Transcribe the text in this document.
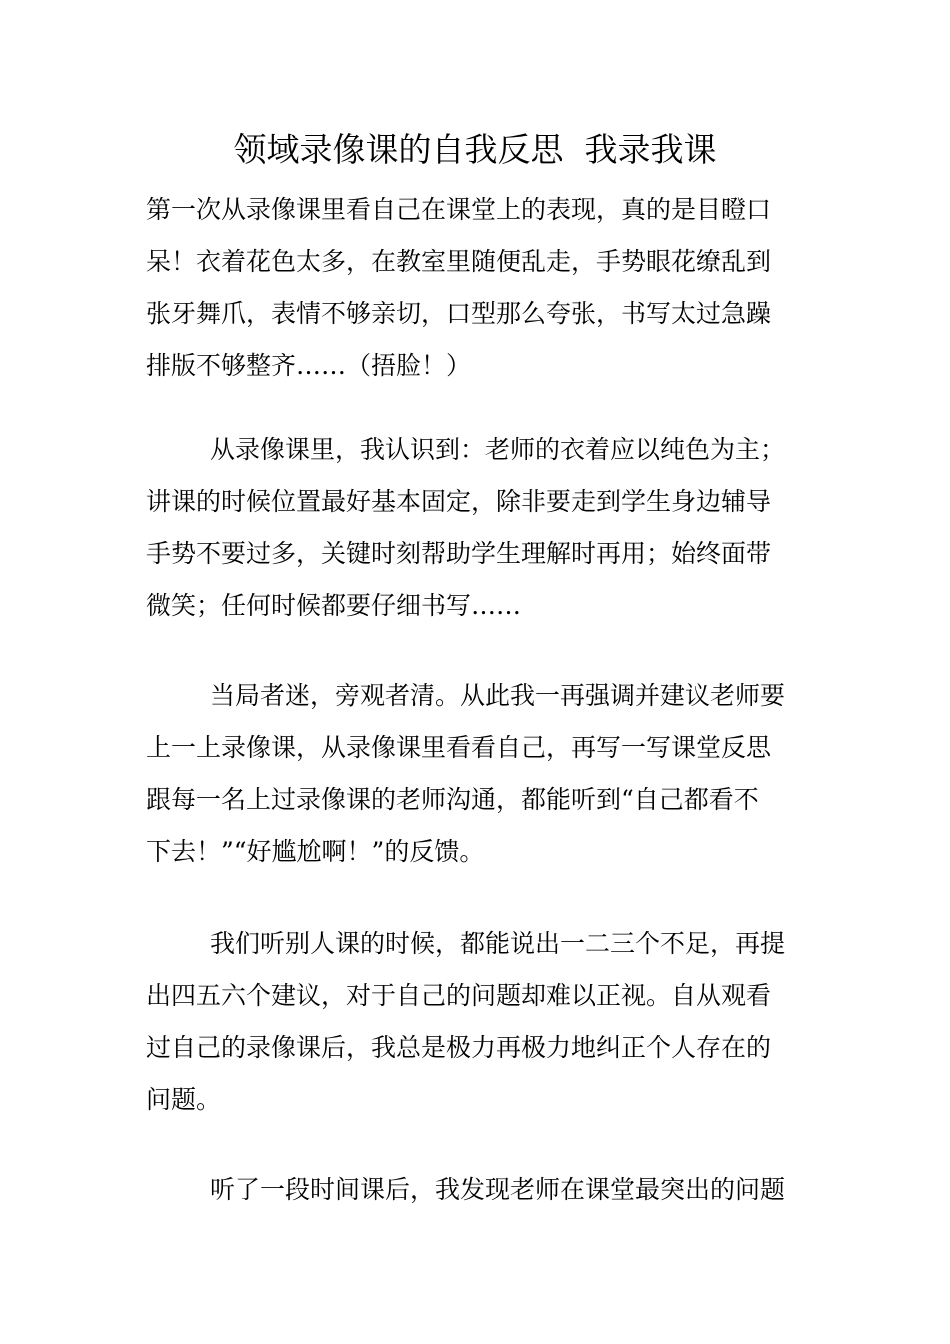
领域录像课的自我反思  我录我课
第一次从录像课里看自己在课堂上的表现，真的是目瞪口
呆！衣着花色太多，在教室里随便乱走，手势眼花缭乱到
张牙舞爪，表情不够亲切，口型那么夸张，书写太过急躁
排版不够整齐……（捂脸！）
从录像课里，我认识到：老师的衣着应以纯色为主；
讲课的时候位置最好基本固定，除非要走到学生身边辅导
手势不要过多，关键时刻帮助学生理解时再用；始终面带
微笑；任何时候都要仔细书写……
当局者迷，旁观者清。从此我一再强调并建议老师要
上一上录像课，从录像课里看看自己，再写一写课堂反思
跟每一名上过录像课的老师沟通，都能听到“自己都看不
下去！”“好尴尬啊！”的反馈。
我们听别人课的时候，都能说出一二三个不足，再提
出四五六个建议，对于自己的问题却难以正视。自从观看
过自己的录像课后，我总是极力再极力地纠正个人存在的
问题。
听了一段时间课后，我发现老师在课堂最突出的问题
